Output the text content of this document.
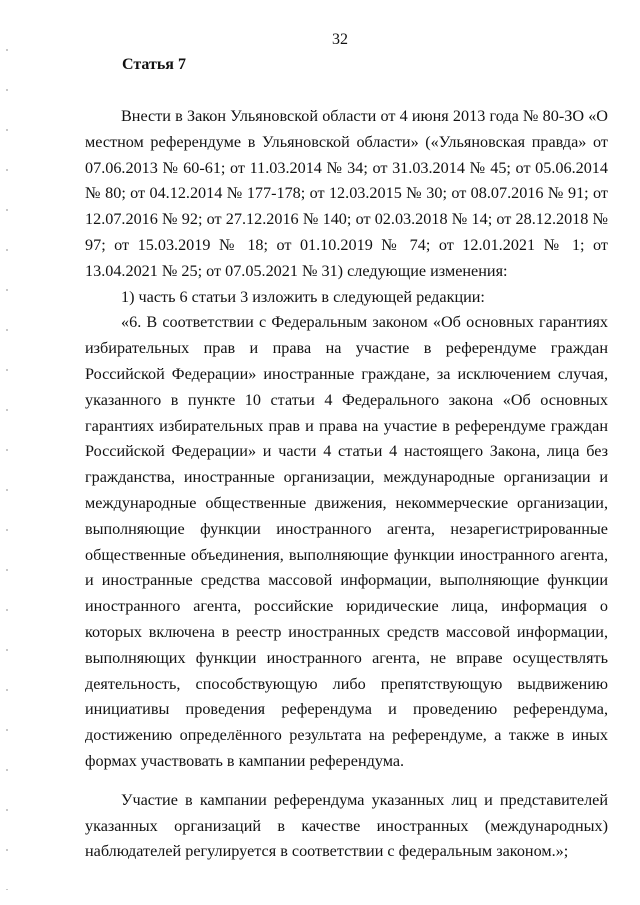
32
Статья 7

Внести в Закон Ульяновской области от 4 июня 2013 года № 80-ЗО «О местном референдуме в Ульяновской области» («Ульяновская правда» от 07.06.2013 № 60-61; от 11.03.2014 № 34; от 31.03.2014 № 45; от 05.06.2014 № 80; от 04.12.2014 № 177-178; от 12.03.2015 № 30; от 08.07.2016 № 91; от 12.07.2016 № 92; от 27.12.2016 № 140; от 02.03.2018 № 14; от 28.12.2018 № 97; от 15.03.2019 № 18; от 01.10.2019 № 74; от 12.01.2021 № 1; от 13.04.2021 № 25; от 07.05.2021 № 31) следующие изменения:

1) часть 6 статьи 3 изложить в следующей редакции:

«6. В соответствии с Федеральным законом «Об основных гарантиях избирательных прав и права на участие в референдуме граждан Российской Федерации» иностранные граждане, за исключением случая, указанного в пункте 10 статьи 4 Федерального закона «Об основных гарантиях избирательных прав и права на участие в референдуме граждан Российской Федерации» и части 4 статьи 4 настоящего Закона, лица без гражданства, иностранные организации, международные организации и международные общественные движения, некоммерческие организации, выполняющие функции иностранного агента, незарегистрированные общественные объединения, выполняющие функции иностранного агента, и иностранные средства массовой информации, выполняющие функции иностранного агента, российские юридические лица, информация о которых включена в реестр иностранных средств массовой информации, выполняющих функции иностранного агента, не вправе осуществлять деятельность, способствующую либо препятствующую выдвижению инициативы проведения референдума и проведению референдума, достижению определённого результата на референдуме, а также в иных формах участвовать в кампании референдума.

Участие в кампании референдума указанных лиц и представителей указанных организаций в качестве иностранных (международных) наблюдателей регулируется в соответствии с федеральным законом.»;
